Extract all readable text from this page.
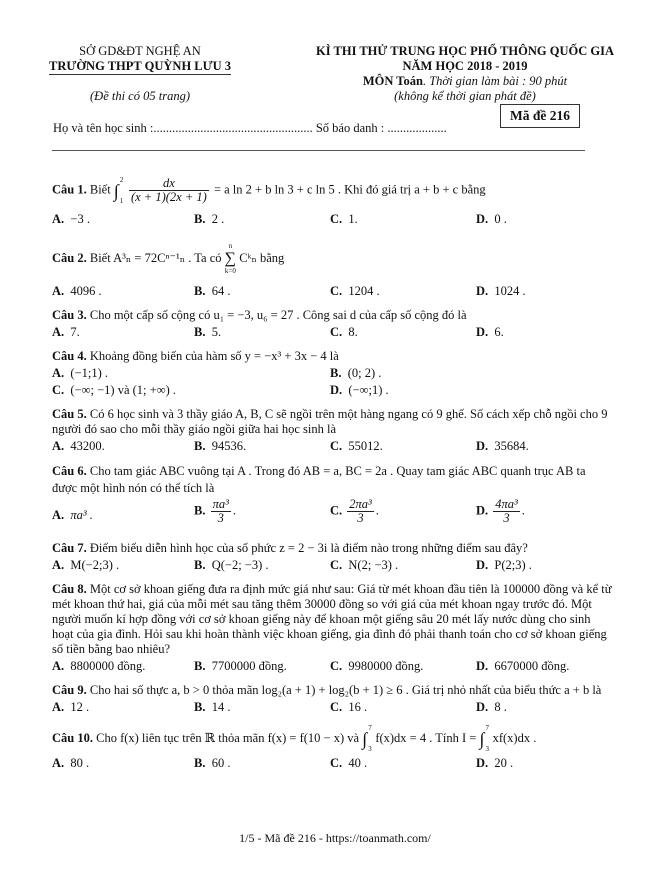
SỞ GD&ĐT NGHỆ AN
TRƯỜNG THPT QUỲNH LƯU 3
(Đề thi có 05 trang)
KÌ THI THỬ TRUNG HỌC PHỔ THÔNG QUỐC GIA
NĂM HỌC 2018 - 2019
MÔN Toán. Thời gian làm bài : 90 phút
(không kể thời gian phát đề)
Họ và tên học sinh :................................................... Số báo danh : ...................
Mã đề 216
Câu 1. Biết ∫
2
1
$\frac{dx}{(x + 1)(2x + 1)} = a$ ln 2 + b ln 3 + c ln 5 . Khi đó giá trị a + b + c bằng
A. −3 .	B. 2 .	C. 1.	D. 0 .
Câu 2. Biết A³ₙ = 72Cⁿ⁻¹ₙ . Ta có
n
∑
k=0
Cᵏₙ bằng
A. 4096 .	B. 64 .	C. 1204 .	D. 1024 .
Câu 3. Cho một cấp số cộng có u₁ = −3, u₆ = 27 . Công sai d của cấp số cộng đó là
A. 7.	B. 5.	C. 8.	D. 6.
Câu 4. Khoảng đồng biến của hàm số y = −x³ + 3x − 4 là
A. (−1;1) .	B. (0; 2) .
C. (−∞; −1) và (1; +∞) .	D. (−∞;1) .
Câu 5. Có 6 học sinh và 3 thầy giáo A, B, C sẽ ngồi trên một hàng ngang có 9 ghế. Số cách xếp chỗ ngồi cho 9 người đó sao cho mỗi thầy giáo ngồi giữa hai học sinh là
A. 43200.	B. 94536.	C. 55012.	D. 35684.
Câu 6. Cho tam giác ABC vuông tại A . Trong đó AB = a, BC = 2a . Quay tam giác ABC quanh trục AB ta được một hình nón có thể tích là
A. πa³ .	B. $\frac{\text{πa³}}{3}$ .	C. $\frac{\text{2πa³}}{3}$ .	D. $\frac{\text{4πa³}}{3}$ .
Câu 7. Điểm biểu diễn hình học của số phức z = 2 − 3i là điểm nào trong những điểm sau đây?
A. M(−2;3) .	B. Q(−2; −3) .	C. N(2; −3) .	D. P(2;3) .
Câu 8. Một cơ sở khoan giếng đưa ra định mức giá như sau: Giá từ mét khoan đầu tiên là 100000 đồng và kể từ mét khoan thứ hai, giá của mỗi mét sau tăng thêm 30000 đồng so với giá của mét khoan ngay trước đó. Một người muốn kí hợp đồng với cơ sở khoan giếng này để khoan một giếng sâu 20 mét lấy nước dùng cho sinh hoạt của gia đình. Hỏi sau khi hoàn thành việc khoan giếng, gia đình đó phải thanh toán cho cơ sở khoan giếng số tiền bằng bao nhiêu?
A. 8800000 đồng.	B. 7700000 đồng.	C. 9980000 đồng.	D. 6670000 đồng.
Câu 9. Cho hai số thực a, b > 0 thỏa mãn log₂(a + 1) + log₂(b + 1) ≥ 6 . Giá trị nhỏ nhất của biểu thức a + b là
A. 12 .	B. 14 .	C. 16 .	D. 8 .
Câu 10. Cho f(x) liên tục trên ℝ thỏa mãn f(x) = f(10 − x) và ∫
7
3
f(x)dx = 4 . Tính I = ∫
7
3
xf(x)dx .
A. 80 .	B. 60 .	C. 40 .	D. 20 .
1/5 - Mã đề 216 - https://toanmath.com/
